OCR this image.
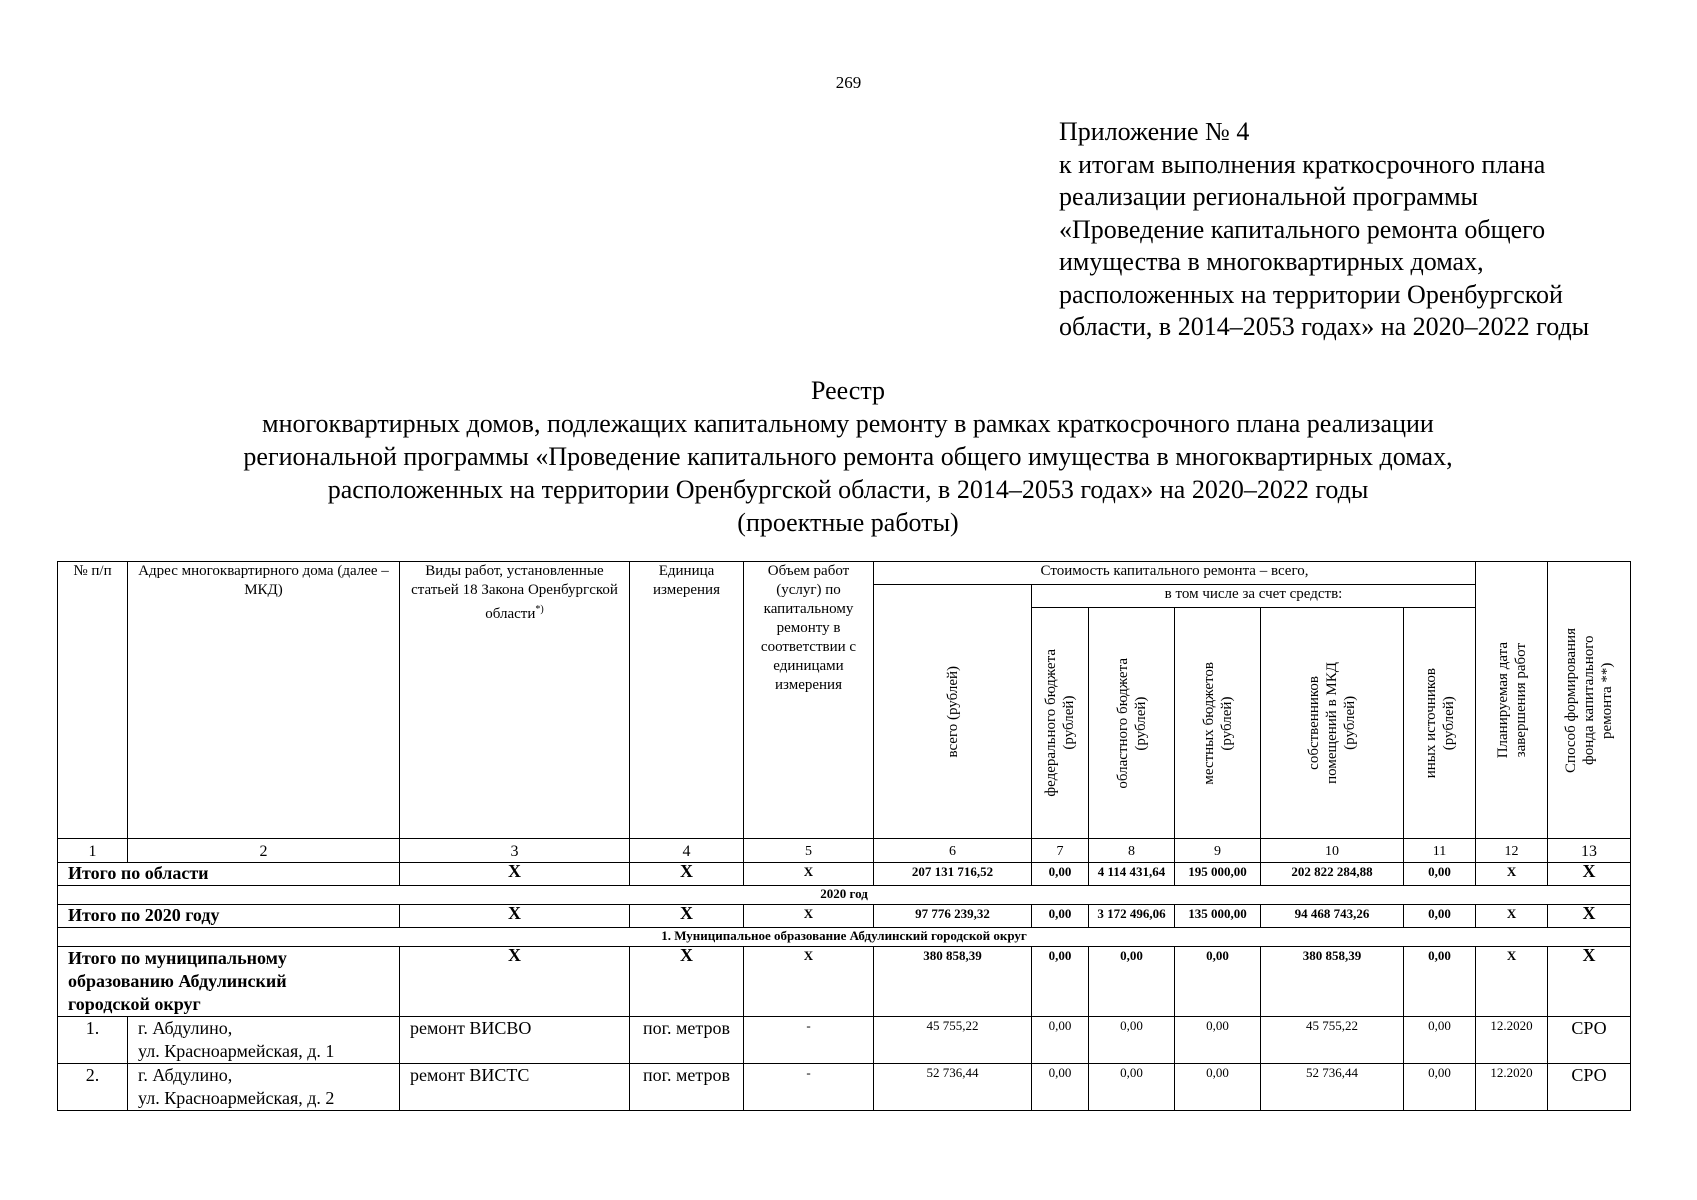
269
Приложение № 4
к итогам выполнения краткосрочного плана
реализации региональной программы
«Проведение капитального ремонта общего
имущества в многоквартирных домах,
расположенных на территории Оренбургской
области, в 2014–2053 годах» на 2020–2022 годы
Реестр
многоквартирных домов, подлежащих капитальному ремонту в рамках краткосрочного плана реализации
региональной программы «Проведение капитального ремонта общего имущества в многоквартирных домах,
расположенных на территории Оренбургской области, в 2014–2053 годах» на 2020–2022 годы
(проектные работы)
№ п/п	Адрес многоквартирного дома (далее – МКД)	Виды работ, установленные статьей 18 Закона Оренбургской области*)	Единица измерения	Объем работ (услуг) по капитальному ремонту в соответствии с единицами измерения	Стоимость капитального ремонта – всего,						Планируемая дата завершения работ	Способ формирования фонда капитального ремонта **)

					всего (рублей)	в том числе за счет средств:						

						федерального бюджета (рублей)	областного бюджета (рублей)	местных бюджетов (рублей)	собственников помещений в МКД (рублей)	иных источников (рублей)		

1	2	3	4	5	6	7	8	9	10	11	12	13
Итого по области		X	X	X	207 131 716,52	0,00	4 114 431,64	195 000,00	202 822 284,88	0,00	X	X
2020 год												
Итого по 2020 году		X	X	X	97 776 239,32	0,00	3 172 496,06	135 000,00	94 468 743,26	0,00	X	X
1. Муниципальное образование Абдулинский городской округ												
Итого по муниципальному
образованию Абдулинский
городской округ		X	X	X	380 858,39	0,00	0,00	0,00	380 858,39	0,00	X	X
1.	г. Абдулино,
ул. Красноармейская, д. 1	ремонт ВИСВО	пог. метров	-	45 755,22	0,00	0,00	0,00	45 755,22	0,00	12.2020	СРО
2.	г. Абдулино,
ул. Красноармейская, д. 2	ремонт ВИСТС	пог. метров	-	52 736,44	0,00	0,00	0,00	52 736,44	0,00	12.2020	СРО
